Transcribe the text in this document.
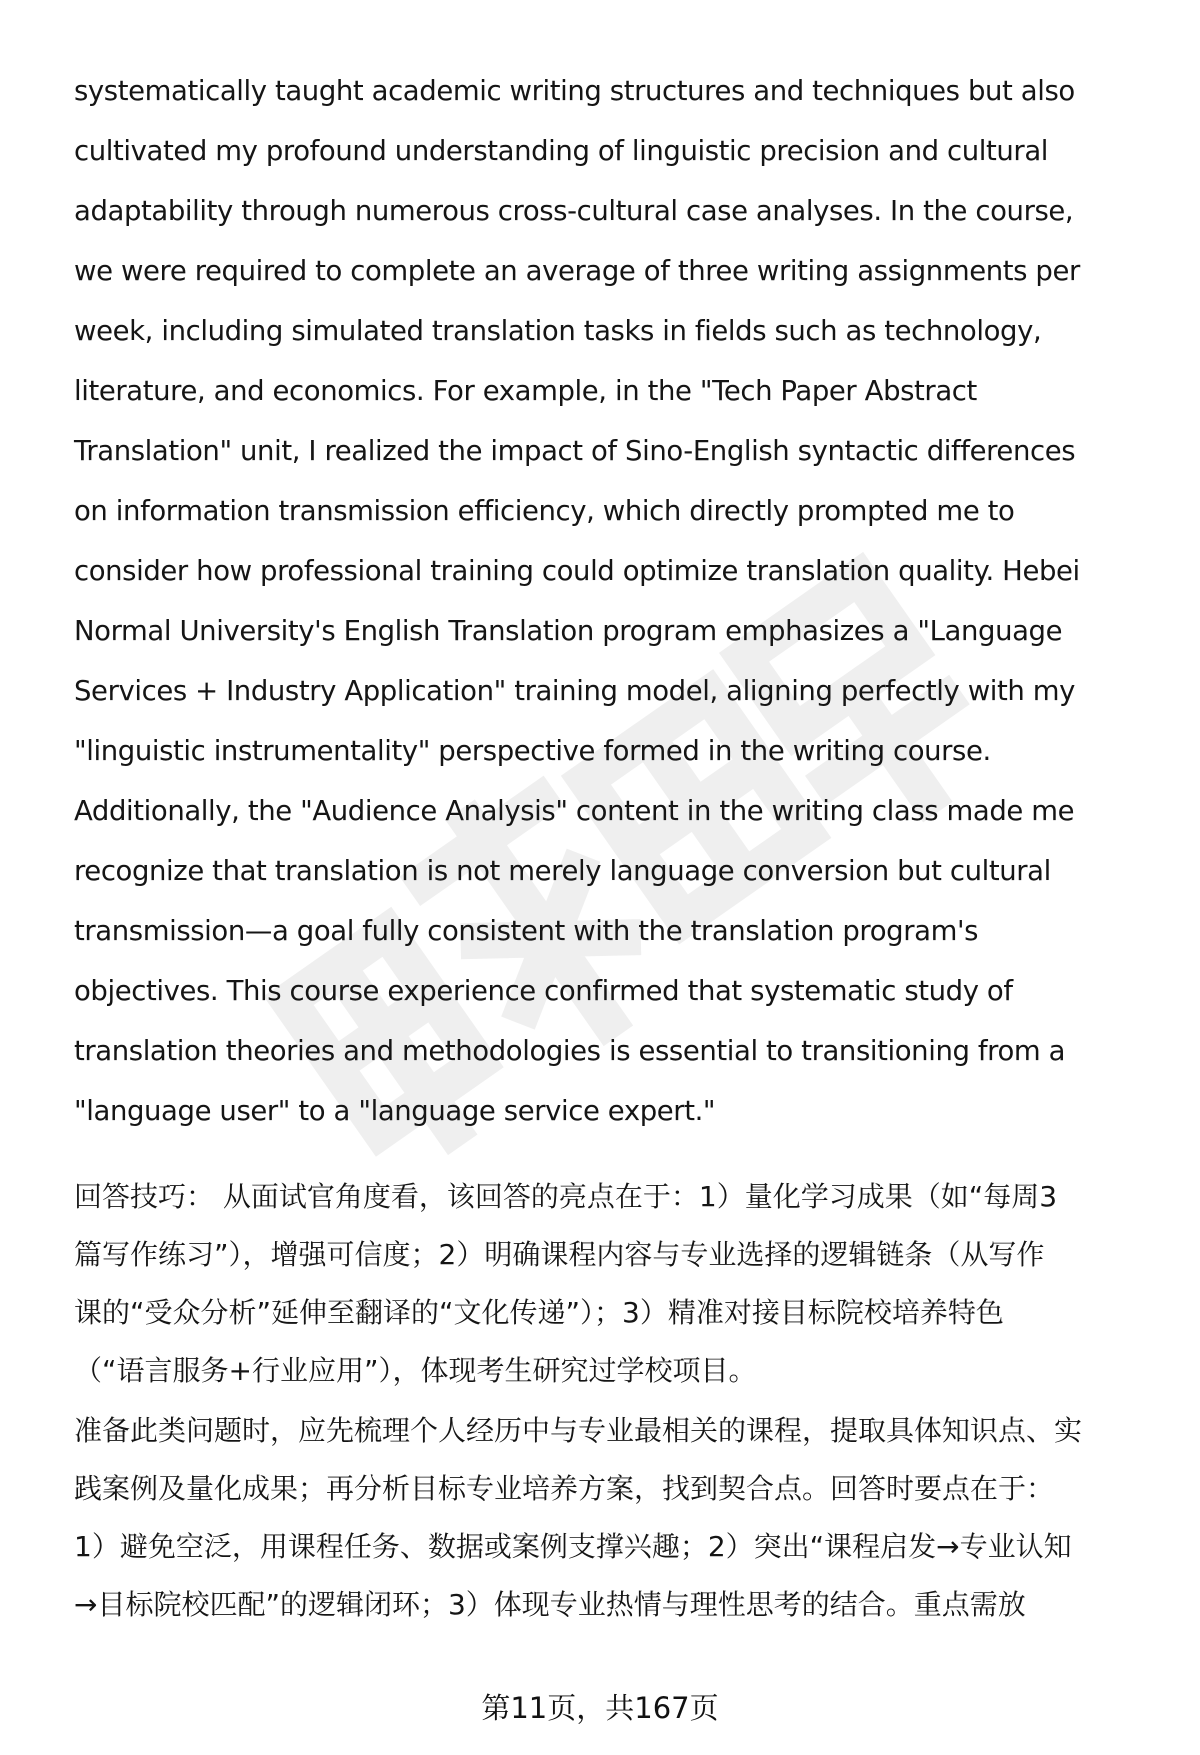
systematically taught academic writing structures and techniques but also
cultivated my profound understanding of linguistic precision and cultural
adaptability through numerous cross-cultural case analyses. In the course,
we were required to complete an average of three writing assignments per
week, including simulated translation tasks in fields such as technology,
literature, and economics. For example, in the "Tech Paper Abstract
Translation" unit, I realized the impact of Sino-English syntactic differences
on information transmission efficiency, which directly prompted me to
consider how professional training could optimize translation quality. Hebei
Normal University's English Translation program emphasizes a "Language
Services + Industry Application" training model, aligning perfectly with my
"linguistic instrumentality" perspective formed in the writing course.
Additionally, the "Audience Analysis" content in the writing class made me
recognize that translation is not merely language conversion but cultural
transmission—a goal fully consistent with the translation program's
objectives. This course experience confirmed that systematic study of
translation theories and methodologies is essential to transitioning from a
"language user" to a "language service expert."

回答技巧： 从面试官角度看，该回答的亮点在于：1）量化学习成果（如“每周3
篇写作练习”），增强可信度；2）明确课程内容与专业选择的逻辑链条（从写作
课的“受众分析”延伸至翻译的“文化传递”）；3）精准对接目标院校培养特色
（“语言服务+行业应用”），体现考生研究过学校项目。

准备此类问题时，应先梳理个人经历中与专业最相关的课程，提取具体知识点、实
践案例及量化成果；再分析目标专业培养方案，找到契合点。回答时要点在于：
1）避免空泛，用课程任务、数据或案例支撑兴趣；2）突出“课程启发→专业认知
→目标院校匹配”的逻辑闭环；3）体现专业热情与理性思考的结合。重点需放

第11页，共167页
